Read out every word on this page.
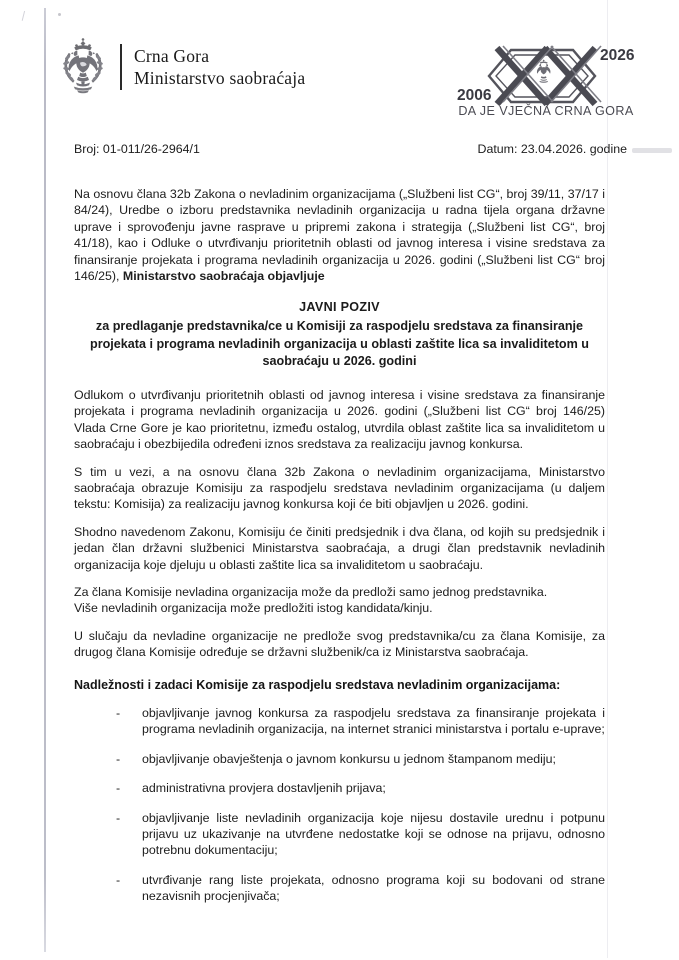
Crna Gora
Ministarstvo saobraćaja
2006
2026
DA JE VJEČNA CRNA GORA
Broj: 01-011/26-2964/1	Datum: 23.04.2026. godine

Na osnovu člana 32b Zakona o nevladinim organizacijama („Službeni list CG“, broj 39/11, 37/17 i 84/24), Uredbe o izboru predstavnika nevladinih organizacija u radna tijela organa državne uprave i sprovođenju javne rasprave u pripremi zakona i strategija („Službeni list CG“, broj 41/18), kao i Odluke o utvrđivanju prioritetnih oblasti od javnog interesa i visine sredstava za finansiranje projekata i programa nevladinih organizacija u 2026. godini („Službeni list CG“ broj 146/25), Ministarstvo saobraćaja objavljuje

JAVNI POZIV
za predlaganje predstavnika/ce u Komisiji za raspodjelu sredstava za finansiranje projekata i programa nevladinih organizacija u oblasti zaštite lica sa invaliditetom u saobraćaju u 2026. godini

Odlukom o utvrđivanju prioritetnih oblasti od javnog interesa i visine sredstava za finansiranje projekata i programa nevladinih organizacija u 2026. godini („Službeni list CG“ broj 146/25) Vlada Crne Gore je kao prioritetnu, između ostalog, utvrdila oblast zaštite lica sa invaliditetom u saobraćaju i obezbijedila određeni iznos sredstava za realizaciju javnog konkursa.

S tim u vezi, a na osnovu člana 32b Zakona o nevladinim organizacijama, Ministarstvo saobraćaja obrazuje Komisiju za raspodjelu sredstava nevladinim organizacijama (u daljem tekstu: Komisija) za realizaciju javnog konkursa koji će biti objavljen u 2026. godini.

Shodno navedenom Zakonu, Komisiju će činiti predsjednik i dva člana, od kojih su predsjednik i jedan član državni službenici Ministarstva saobraćaja, a drugi član predstavnik nevladinih organizacija koje djeluju u oblasti zaštite lica sa invaliditetom u saobraćaju.

Za člana Komisije nevladina organizacija može da predloži samo jednog predstavnika.
Više nevladinih organizacija može predložiti istog kandidata/kinju.

U slučaju da nevladine organizacije ne predlože svog predstavnika/cu za člana Komisije, za drugog člana Komisije određuje se državni službenik/ca iz Ministarstva saobraćaja.

Nadležnosti i zadaci Komisije za raspodjelu sredstava nevladinim organizacijama:
- objavljivanje javnog konkursa za raspodjelu sredstava za finansiranje projekata i programa nevladinih organizacija, na internet stranici ministarstva i portalu e-uprave;
- objavljivanje obavještenja o javnom konkursu u jednom štampanom mediju;
- administrativna provjera dostavljenih prijava;
- objavljivanje liste nevladinih organizacija koje nijesu dostavile urednu i potpunu prijavu uz ukazivanje na utvrđene nedostatke koji se odnose na prijavu, odnosno potrebnu dokumentaciju;
- utvrđivanje rang liste projekata, odnosno programa koji su bodovani od strane nezavisnih procjenjivača;
